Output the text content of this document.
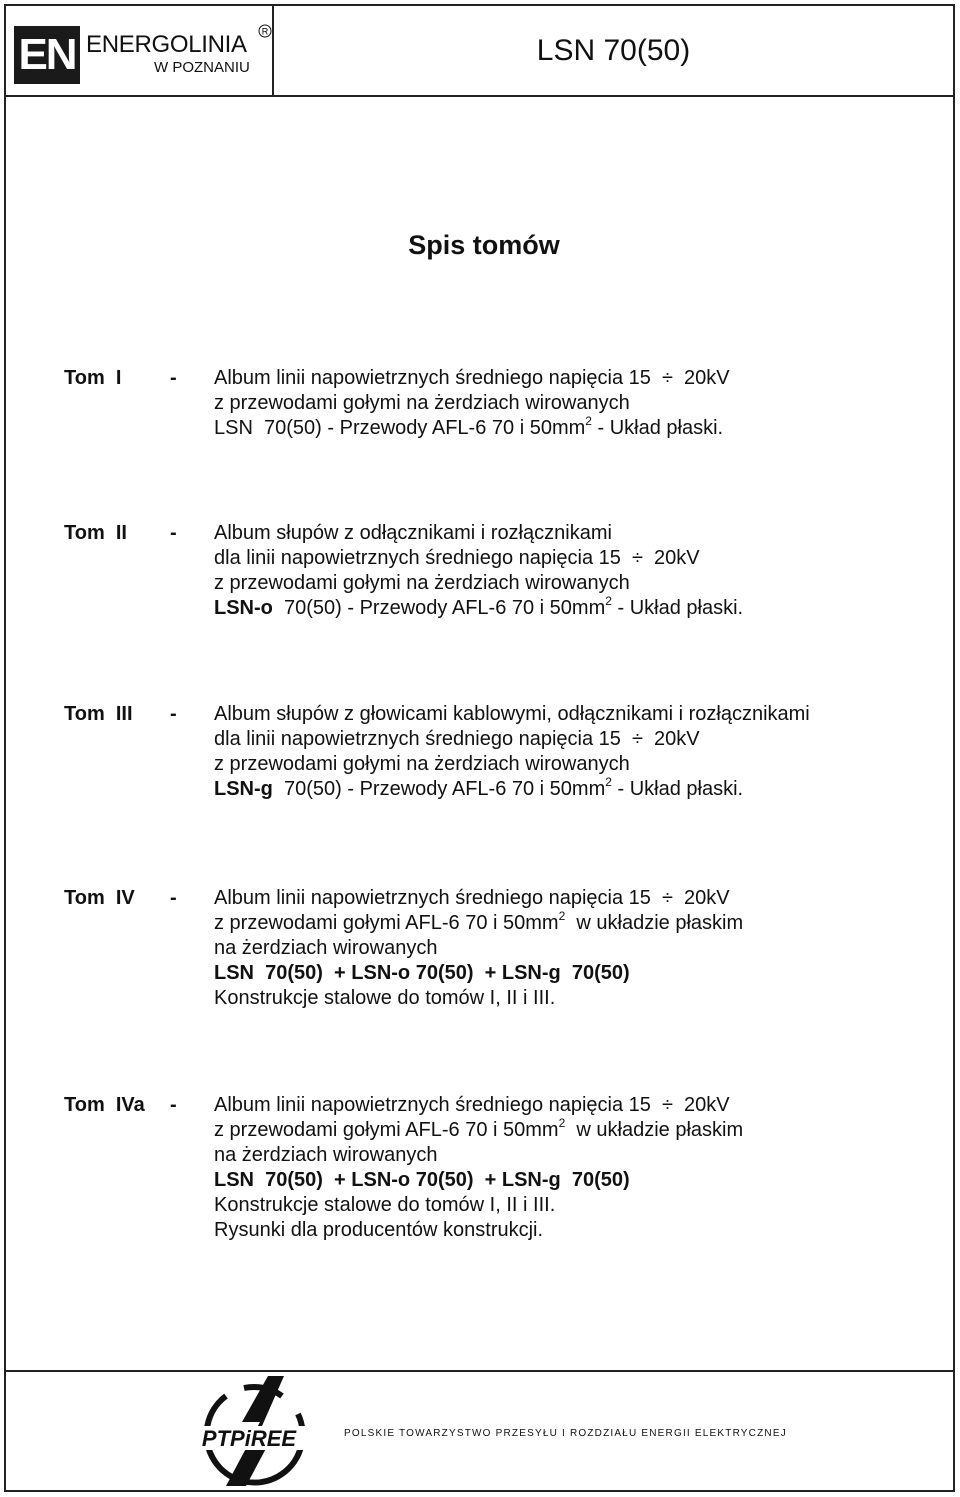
EN ENERGOLINIA R
W POZNANIU
LSN 70(50)
Spis tomów
Tom  I	- Album linii napowietrznych średniego napięcia 15 ÷ 20kV
z przewodami gołymi na żerdziach wirowanych
LSN  70(50) - Przewody AFL-6 70 i $50mm^2$ - Układ płaski.
Tom  II	- Album słupów z odłącznikami i rozłącznikami
dla linii napowietrznych średniego napięcia 15 ÷ 20kV
z przewodami gołymi na żerdziach wirowanych
LSN-o  70(50) - Przewody AFL-6 70 i $50mm^2$ - Układ płaski.
Tom  III	- Album słupów z głowicami kablowymi, odłącznikami i rozłącznikami
dla linii napowietrznych średniego napięcia 15 ÷ 20kV
z przewodami gołymi na żerdziach wirowanych
LSN-g  70(50) - Przewody AFL-6 70 i $50mm^2$ - Układ płaski.
Tom  IV	- Album linii napowietrznych średniego napięcia 15 ÷ 20kV
z przewodami gołymi AFL-6 70 i $50mm^2$  w układzie płaskim
na żerdziach wirowanych
LSN  70(50)  + LSN-o 70(50)  + LSN-g  70(50)
Konstrukcje stalowe do tomów I, II i III.
Tom  IVa	- Album linii napowietrznych średniego napięcia 15 ÷ 20kV
z przewodami gołymi AFL-6 70 i $50mm^2$  w układzie płaskim
na żerdziach wirowanych
LSN  70(50)  + LSN-o 70(50)  + LSN-g  70(50)
Konstrukcje stalowe do tomów I, II i III.
Rysunki dla producentów konstrukcji.
PTPiREE	POLSKIE TOWARZYSTWO PRZESYŁU I ROZDZIAŁU ENERGII ELEKTRYCZNEJ
